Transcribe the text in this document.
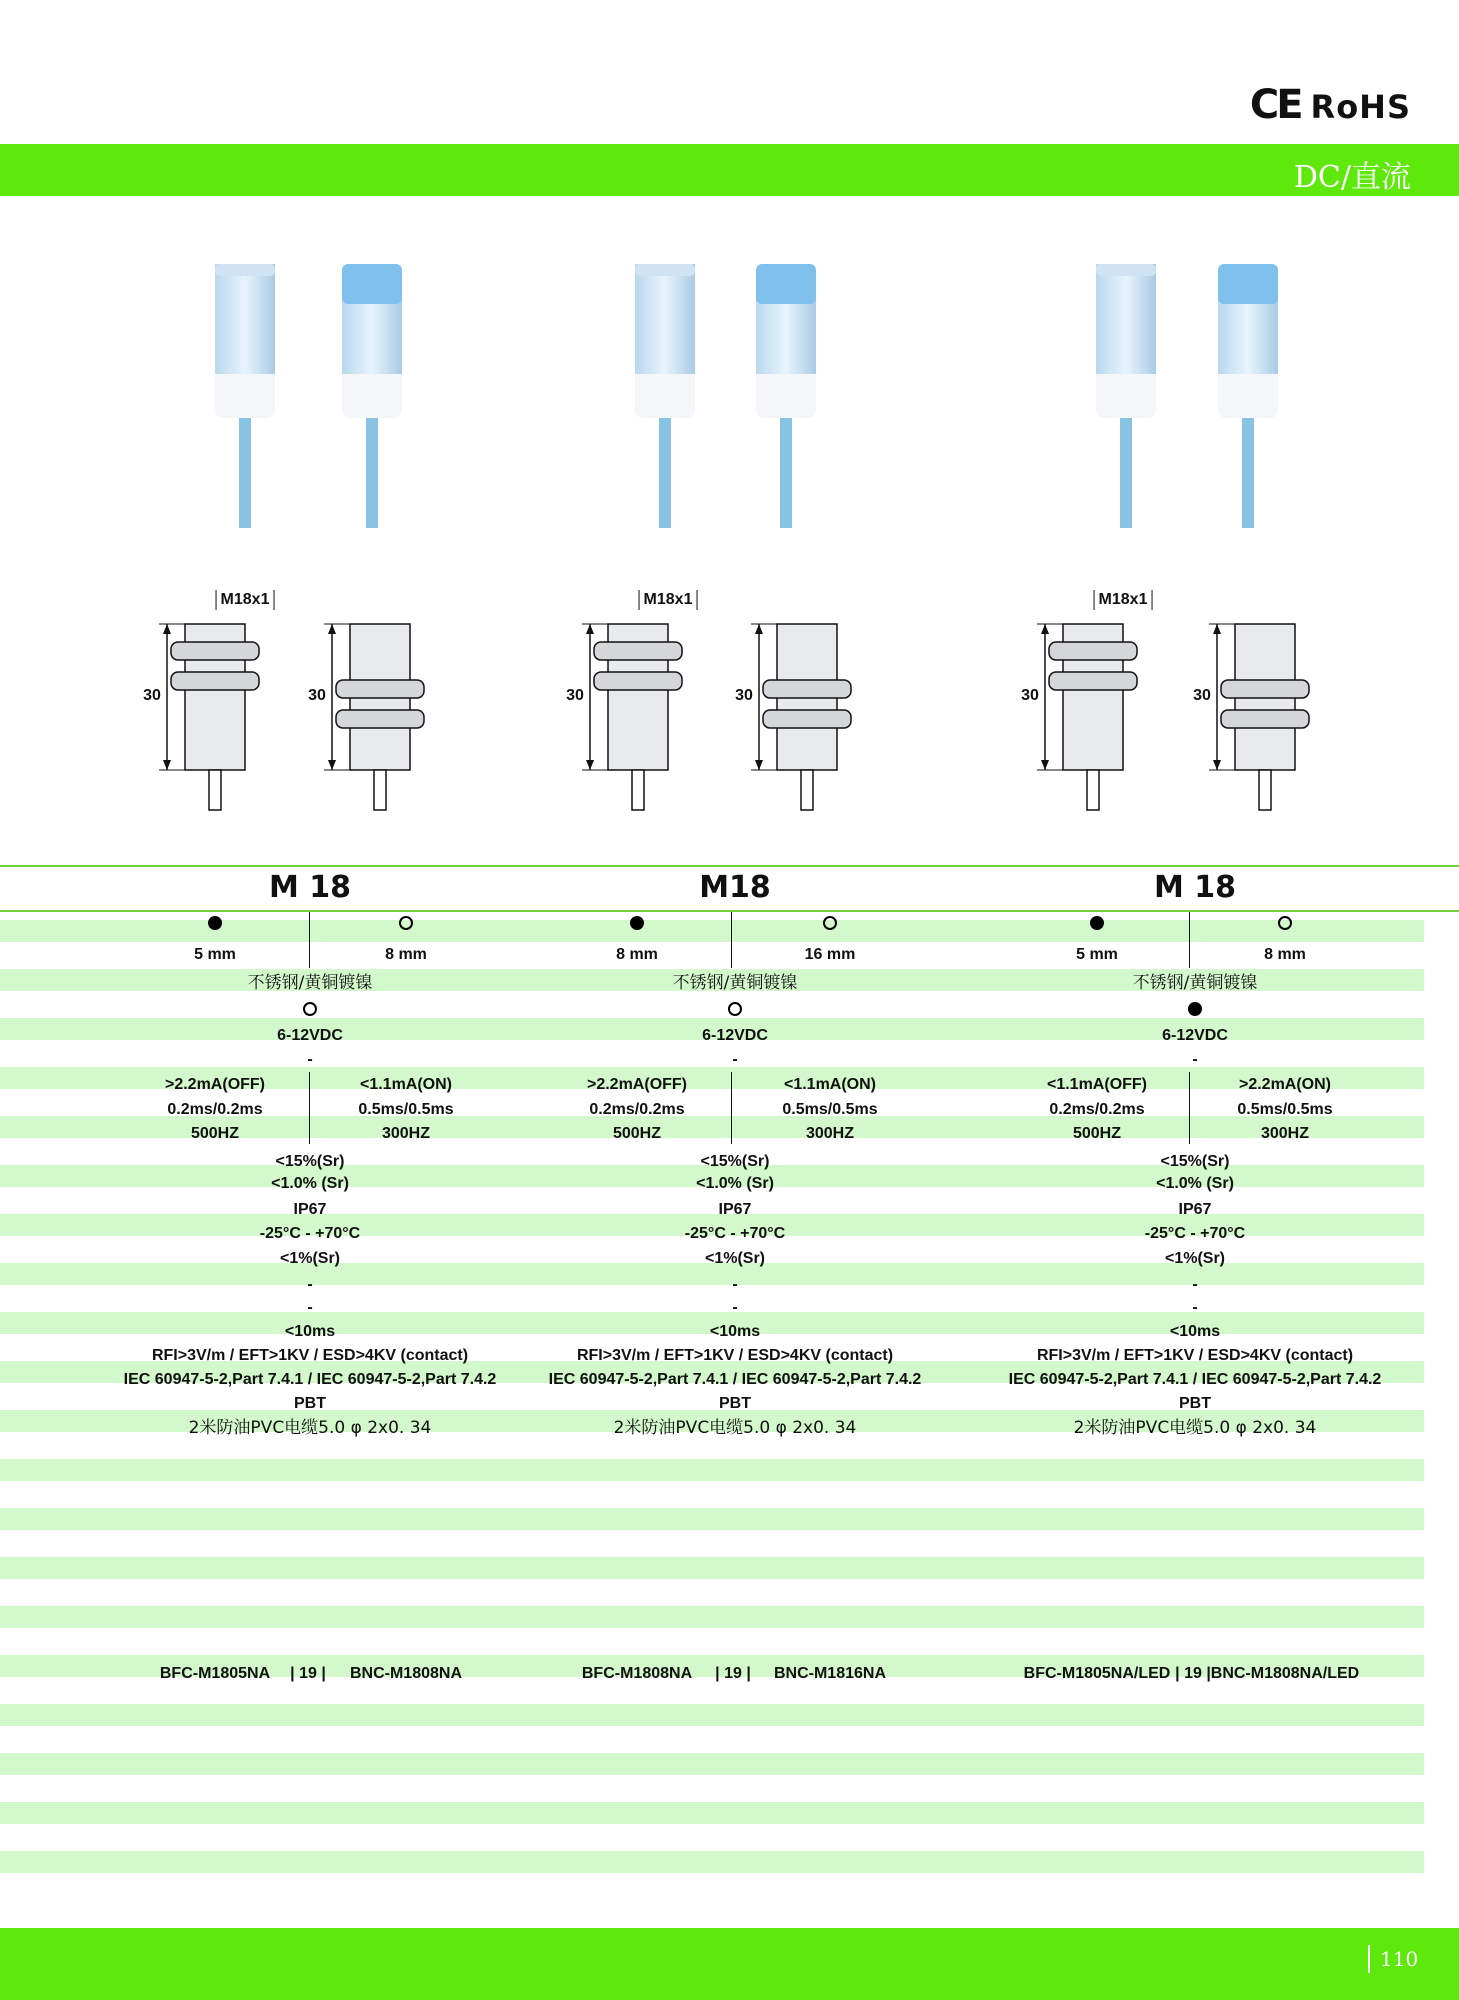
CE RoHS
DC/直流
30
M18x1
30	30
M18x1
30	30
M18x1
30
M 18
5 mm	8 mm
不锈钢/黄铜镀镍
6-12VDC
-
>2.2mA(OFF)	<1.1mA(ON)
0.2ms/0.2ms	0.5ms/0.5ms
500HZ	300HZ
<15%(Sr)
<1.0% (Sr)
IP67
-25°C - +70°C
<1%(Sr)
-
-
<10ms
RFI>3V/m / EFT>1KV / ESD>4KV (contact)
IEC 60947-5-2,Part 7.4.1 / IEC 60947-5-2,Part 7.4.2
PBT
2米防油PVC电缆5.0 φ 2x0. 34
BFC-M1805NA | 19 | BNC-M1808NA
M18
8 mm	16 mm
不锈钢/黄铜镀镍
6-12VDC
-
>2.2mA(OFF)	<1.1mA(ON)
0.2ms/0.2ms	0.5ms/0.5ms
500HZ	300HZ
<15%(Sr)
<1.0% (Sr)
IP67
-25°C - +70°C
<1%(Sr)
-
-
<10ms
RFI>3V/m / EFT>1KV / ESD>4KV (contact)
IEC 60947-5-2,Part 7.4.1 / IEC 60947-5-2,Part 7.4.2
PBT
2米防油PVC电缆5.0 φ 2x0. 34
BFC-M1808NA | 19 | BNC-M1816NA
M 18
5 mm	8 mm
不锈钢/黄铜镀镍
6-12VDC
-
<1.1mA(OFF)	>2.2mA(ON)
0.2ms/0.2ms	0.5ms/0.5ms
500HZ	300HZ
<15%(Sr)
<1.0% (Sr)
IP67
-25°C - +70°C
<1%(Sr)
-
-
<10ms
RFI>3V/m / EFT>1KV / ESD>4KV (contact)
IEC 60947-5-2,Part 7.4.1 / IEC 60947-5-2,Part 7.4.2
PBT
2米防油PVC电缆5.0 φ 2x0. 34
BFC-M1805NA/LED | 19 | BNC-M1808NA/LED
110
